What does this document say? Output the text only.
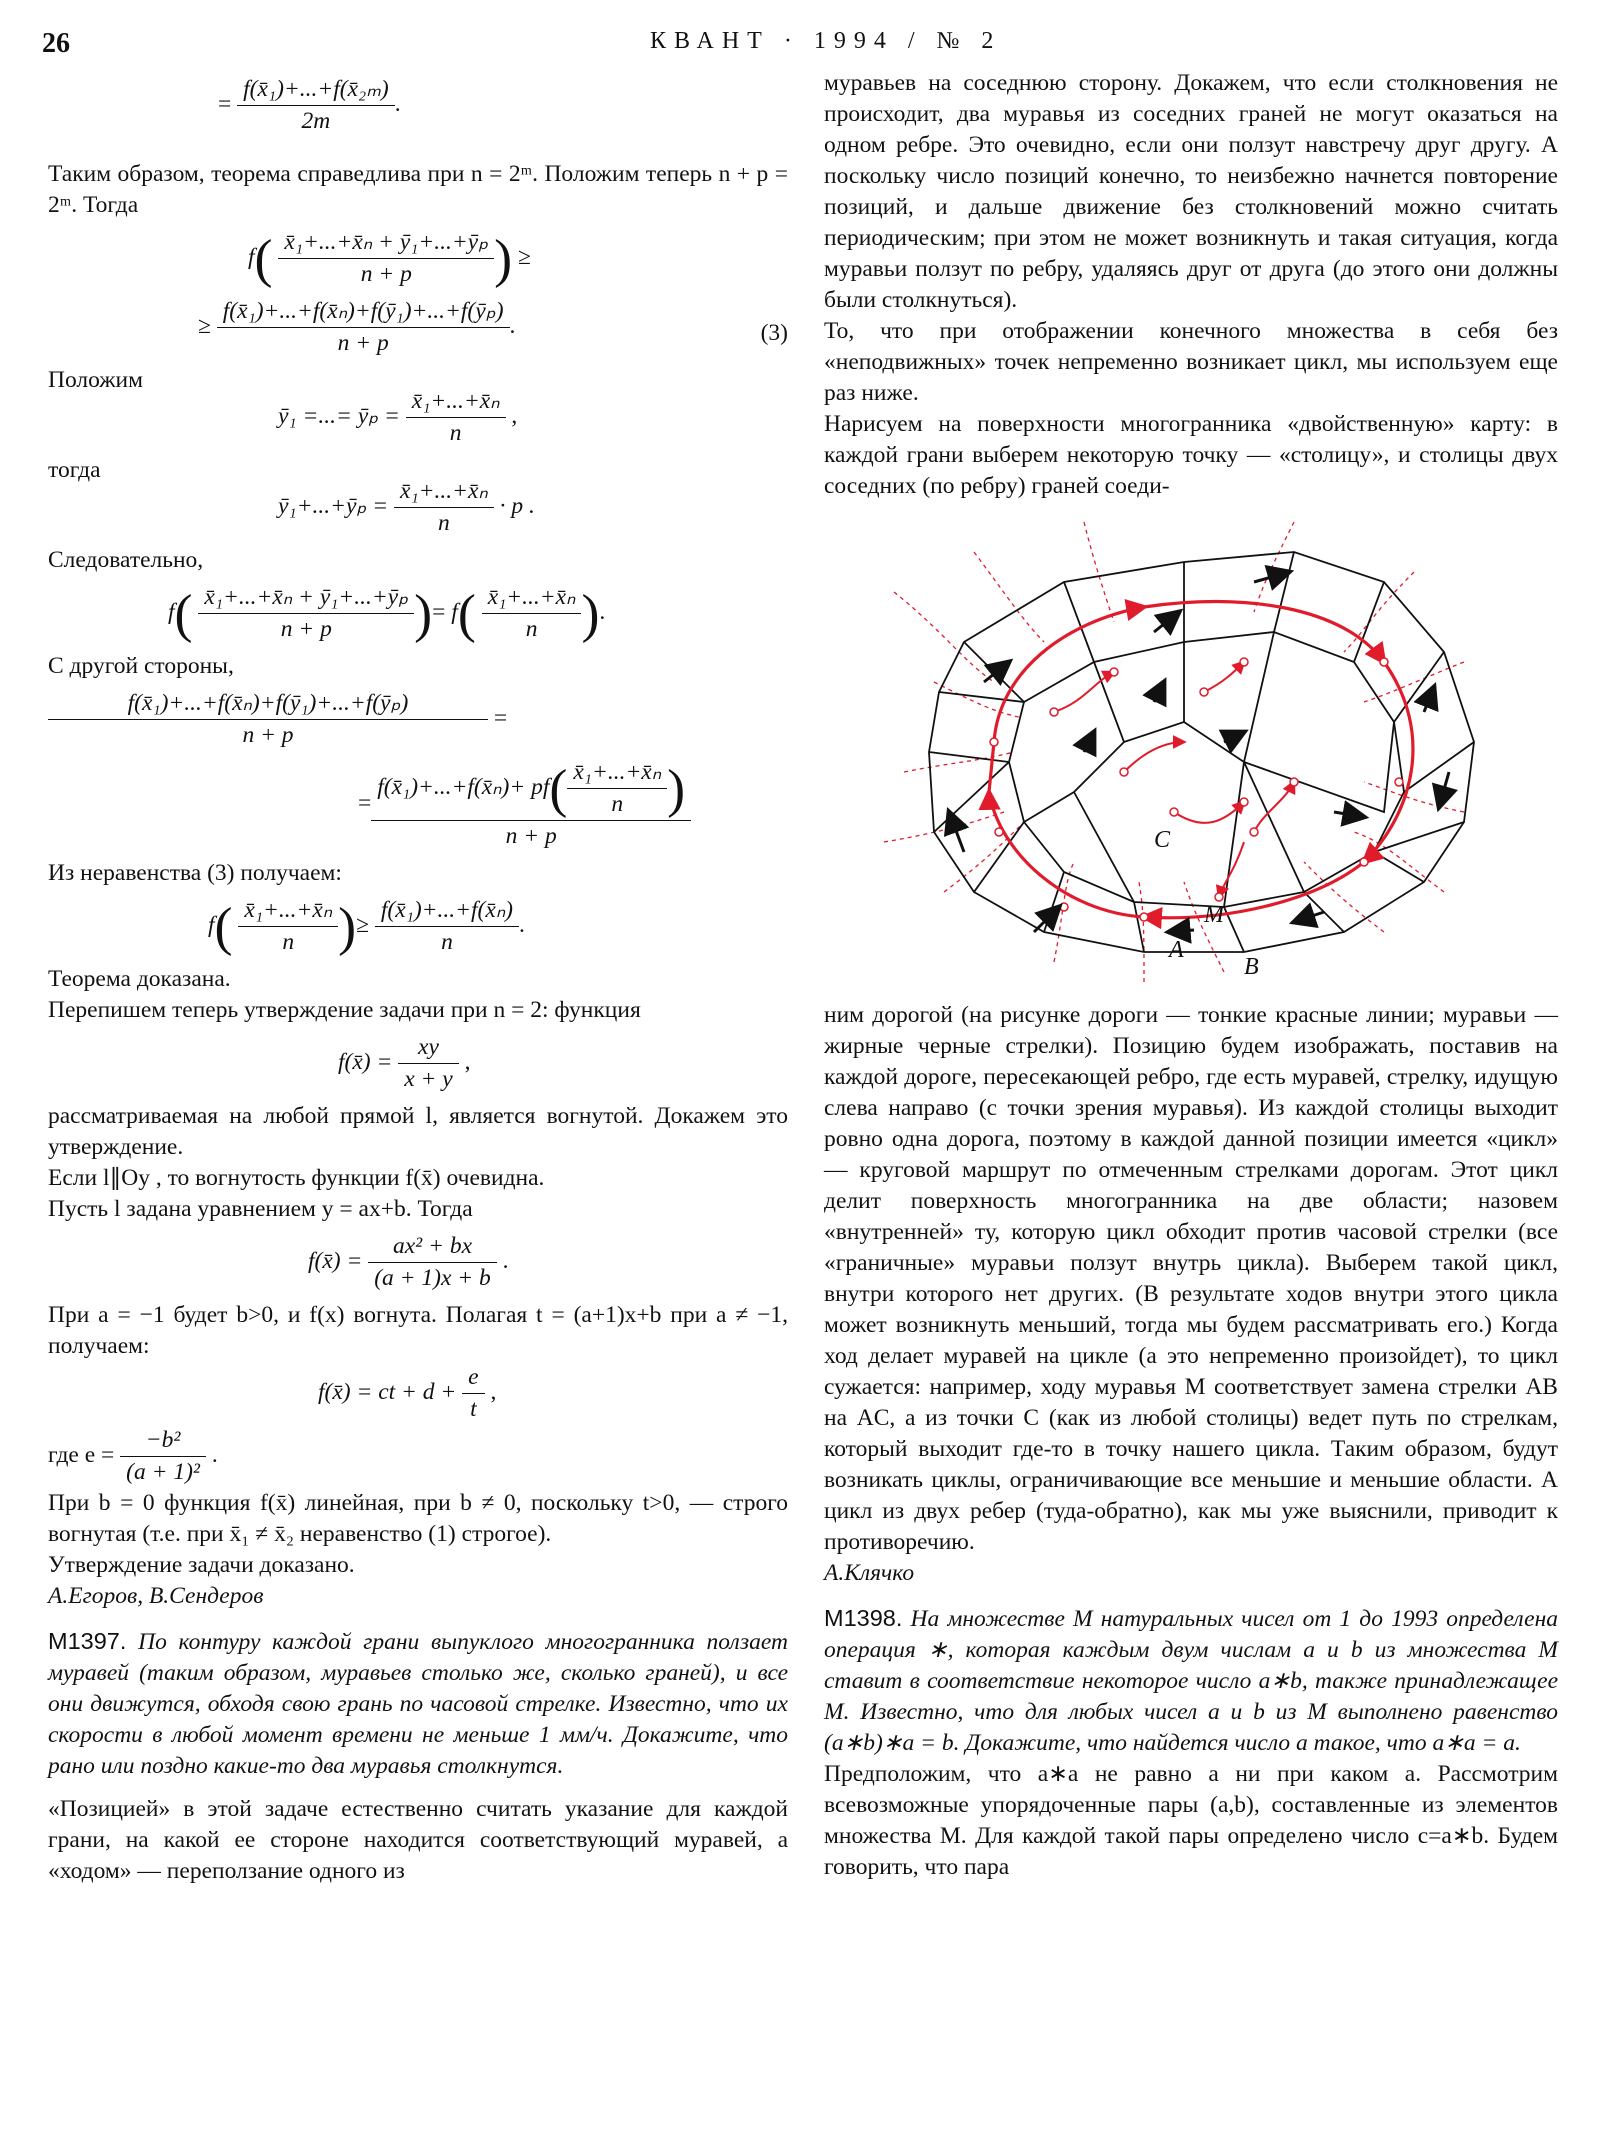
26	КВАНТ · 1994 / № 2
= $\frac{\text{f(x̄₁)+...+f(x̄₂ₘ)}}{2m}$ .

Таким образом, теорема справедлива при n = 2ᵐ. Положим теперь n + p = 2ᵐ. Тогда

$f( \frac{\text{x̄₁+...+x̄ₙ + ȳ₁+...+ȳₚ}}{n + p}$ ) ≥
≥ $\frac{\text{f(x̄₁)+...+f(x̄ₙ)+f(ȳ₁)+...+f(ȳₚ)}}{n + p}$ .	(3)

Положим

ȳ₁ =...= ȳₚ = $\frac{\text{x̄₁+...+x̄ₙ}}{n}$ ,

тогда

ȳ₁+...+ȳₚ = $\frac{\text{x̄₁+...+x̄ₙ}}{n} \cdot p$ .

Следовательно,

$f( \frac{\text{x̄₁+...+x̄ₙ + ȳ₁+...+ȳₚ}}{n + p}$ )= $f( \frac{\text{x̄₁+...+x̄ₙ}}{n}$ ).

С другой стороны,

$\frac{\text{f(x̄₁)+...+f(x̄ₙ)+f(ȳ₁)+...+f(ȳₚ)}}{n + p}$ =
= $\frac{f(x̄_1)+...+f(x̄_n)+ pf( \frac{\text{x̄₁+...+x̄ₙ}}{n} )}{n + p}$

Из неравенства (3) получаем:

$f( \frac{\text{x̄₁+...+x̄ₙ}}{n}$ )≥ $\frac{\text{f(x̄₁)+...+f(x̄ₙ)}}{n}$ .

Теорема доказана.

Перепишем теперь утверждение задачи при n = 2: функция

f(x̄) = $\frac{xy}{x + y}$ ,

рассматриваемая на любой прямой l, является вогнутой. Докажем это утверждение.

Если l∥Oy , то вогнутость функции f(x̄) очевидна.

Пусть l задана уравнением y = ax+b. Тогда

f(x̄) = $\frac{\text{ax² + bx}}{(a + 1)x + b}$ .

При a = −1 будет b>0, и f(x) вогнута. Полагая t = (a+1)x+b при a ≠ −1, получаем:

f(x̄) = ct + $d + \frac{e}{t}$ ,
где $e = \frac{\text{−b²}}{\text{(a + 1)²}}$ .

При b = 0 функция f(x̄) линейная, при b ≠ 0, поскольку t>0, — строго вогнутая (т.е. при x̄₁ ≠ x̄₂ неравенство (1) строгое).

Утверждение задачи доказано.

А.Егоров, В.Сендеров

М1397. По контуру каждой грани выпуклого многогранника ползает муравей (таким образом, муравьев столько же, сколько граней), и все они движутся, обходя свою грань по часовой стрелке. Известно, что их скорости в любой момент времени не меньше 1 мм/ч. Докажите, что рано или поздно какие-то два муравья столкнутся.

«Позицией» в этой задаче естественно считать указание для каждой грани, на какой ее стороне находится соответствующий муравей, а «ходом» — переползание одного из

муравьев на соседнюю сторону. Докажем, что если столкновения не происходит, два муравья из соседних граней не могут оказаться на одном ребре. Это очевидно, если они ползут навстречу друг другу. А поскольку число позиций конечно, то неизбежно начнется повторение позиций, и дальше движение без столкновений можно считать периодическим; при этом не может возникнуть и такая ситуация, когда муравьи ползут по ребру, удаляясь друг от друга (до этого они должны были столкнуться).

То, что при отображении конечного множества в себя без «неподвижных» точек непременно возникает цикл, мы используем еще раз ниже.

Нарисуем на поверхности многогранника «двойственную» карту: в каждой грани выберем некоторую точку — «столицу», и столицы двух соседних (по ребру) граней соеди-

C
M
A
B

ним дорогой (на рисунке дороги — тонкие красные линии; муравьи — жирные черные стрелки). Позицию будем изображать, поставив на каждой дороге, пересекающей ребро, где есть муравей, стрелку, идущую слева направо (с точки зрения муравья). Из каждой столицы выходит ровно одна дорога, поэтому в каждой данной позиции имеется «цикл» — круговой маршрут по отмеченным стрелками дорогам. Этот цикл делит поверхность многогранника на две области; назовем «внутренней» ту, которую цикл обходит против часовой стрелки (все «граничные» муравьи ползут внутрь цикла). Выберем такой цикл, внутри которого нет других. (В результате ходов внутри этого цикла может возникнуть меньший, тогда мы будем рассматривать его.) Когда ход делает муравей на цикле (а это непременно произойдет), то цикл сужается: например, ходу муравья M соответствует замена стрелки AB на AC, а из точки C (как из любой столицы) ведет путь по стрелкам, который выходит где-то в точку нашего цикла. Таким образом, будут возникать циклы, ограничивающие все меньшие и меньшие области. А цикл из двух ребер (туда-обратно), как мы уже выяснили, приводит к противоречию.

А.Клячко

М1398. На множестве M натуральных чисел от 1 до 1993 определена операция ∗, которая каждым двум числам a и b из множества M ставит в соответствие некоторое число a∗b, также принадлежащее M. Известно, что для любых чисел a и b из M выполнено равенство (a∗b)∗a = b. Докажите, что найдется число a такое, что a∗a = a.

Предположим, что a∗a не равно a ни при каком a. Рассмотрим всевозможные упорядоченные пары (a,b), составленные из элементов множества M. Для каждой такой пары определено число c=a∗b. Будем говорить, что пара
